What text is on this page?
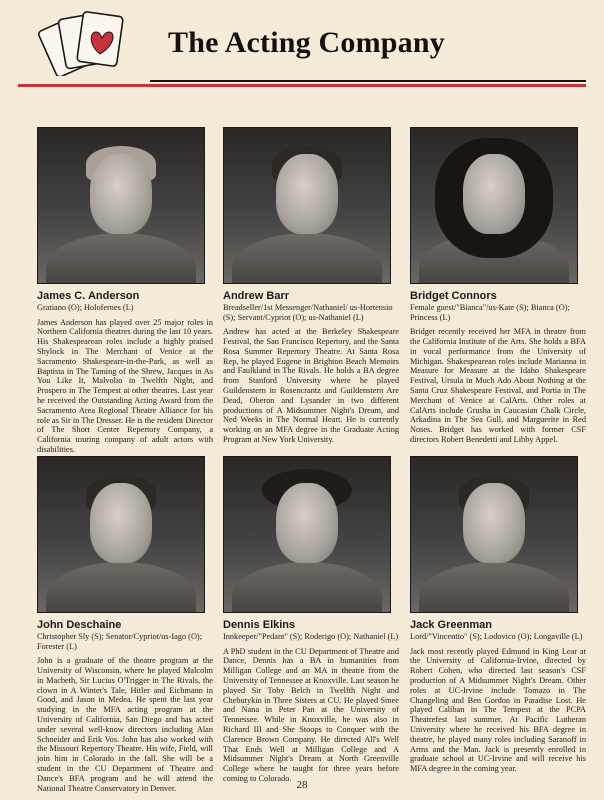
The Acting Company
James C. Anderson
Gratiano (O); Holofernes (L)

James Anderson has played over 25 major roles in Northern California theatres during the last 10 years. His Shakespearean roles include a highly praised Shylock in The Merchant of Venice at the Sacramento Shakespeare-in-the-Park, as well as Baptista in The Taming of the Shrew, Jacques in As You Like It, Malvolio in Twelfth Night, and Prospero in The Tempest at other theatres. Last year he received the Outstanding Acting Award from the Sacramento Area Regional Theatre Alliance for his role as Sir in The Dresser. He is the resident Director of The Short Center Repertory Company, a California touring company of adult actors with disabilities.

Andrew Barr
Breadseller/1st Messenger/Nathaniel/ us-Hortensio (S); Servant/Cypriot (O); us-Nathaniel (L)

Andrew has acted at the Berkeley Shakespeare Festival, the San Francisco Repertory, and the Santa Rosa Summer Repertory Theatre. At Santa Rosa Rep, he played Eugene in Brighton Beach Memoirs and Faulkland in The Rivals. He holds a BA degree from Stanford University where he played Guildenstern in Rosencrantz and Guildenstern Are Dead, Oberon and Lysander in two different productions of A Midsummer Night's Dream, and Ned Weeks in The Normal Heart. He is currently working on an MFA degree in the Graduate Acting Program at New York University.

Bridget Connors
Female guest/"Bianca"/us-Kate (S); Bianca (O); Princess (L)

Bridget recently received her MFA in theatre from the California Institute of the Arts. She holds a BFA in vocal performance from the University of Michigan. Shakespearean roles include Marianna in Measure for Measure at the Idaho Shakespeare Festival, Ursula in Much Ado About Nothing at the Santa Cruz Shakespeare Festival, and Portia in The Merchant of Venice at CalArts. Other roles at CalArts include Grusha in Caucasian Chalk Circle, Arkadina in The Sea Gull, and Marguerite in Red Noses. Bridget has worked with former CSF directors Robert Benedetti and Libby Appel.

John Deschaine
Christopher Sly (S); Senator/Cypriot/us-Iago (O); Forester (L)

John is a graduate of the theatre program at the University of Wisconsin, where he played Malcolm in Macbeth, Sir Lucius O'Trigger in The Rivals, the clown in A Winter's Tale, Hitler and Eichmann in Good, and Jason in Medea. He spent the last year studying in the MFA acting program at the University of California, San Diego and has acted under several well-know directors including Alan Schneider and Erik Vos. John has also worked with the Missouri Repertory Theatre. His wife, Field, will join him in Colorado in the fall. She will be a student in the CU Department of Theatre and Dance's BFA program and he will attend the National Theatre Conservatory in Denver.

Dennis Elkins
Innkeeper/"Pedant" (S); Roderigo (O); Nathaniel (L)

A PhD student in the CU Department of Theatre and Dance, Dennis has a BA in humanities from Milligan College and an MA in theatre from the University of Tennessee at Knoxville. Last season he played Sir Toby Belch in Twelfth Night and Chebutykin in Three Sisters at CU. He played Smee and Nana in Peter Pan at the University of Tennessee. While in Knoxville, he was also in Richard III and She Stoops to Conquer with the Clarence Brown Company. He directed All's Well That Ends Well at Milligan College and A Midsummer Night's Dream at North Greenville College where he taught for three years before coming to Colorado.

Jack Greenman
Lord/"Vincentio" (S); Lodovico (O); Longaville (L)

Jack most recently played Edmund in King Lear at the University of California-Irvine, directed by Robert Cohen, who directed last season's CSF production of A Midsummer Night's Dream. Other roles at UC-Irvine include Tomazo in The Changeling and Ben Gordon in Paradise Lost. He played Caliban in The Tempest at the PCPA Theatrefest last summer. At Pacific Lutheran University where he received his BFA degree in theatre, he played many roles including Saranoff in Arms and the Man. Jack is presently enrolled in graduate school at UC-Irvine and will receive his MFA degree in the coming year.

28
